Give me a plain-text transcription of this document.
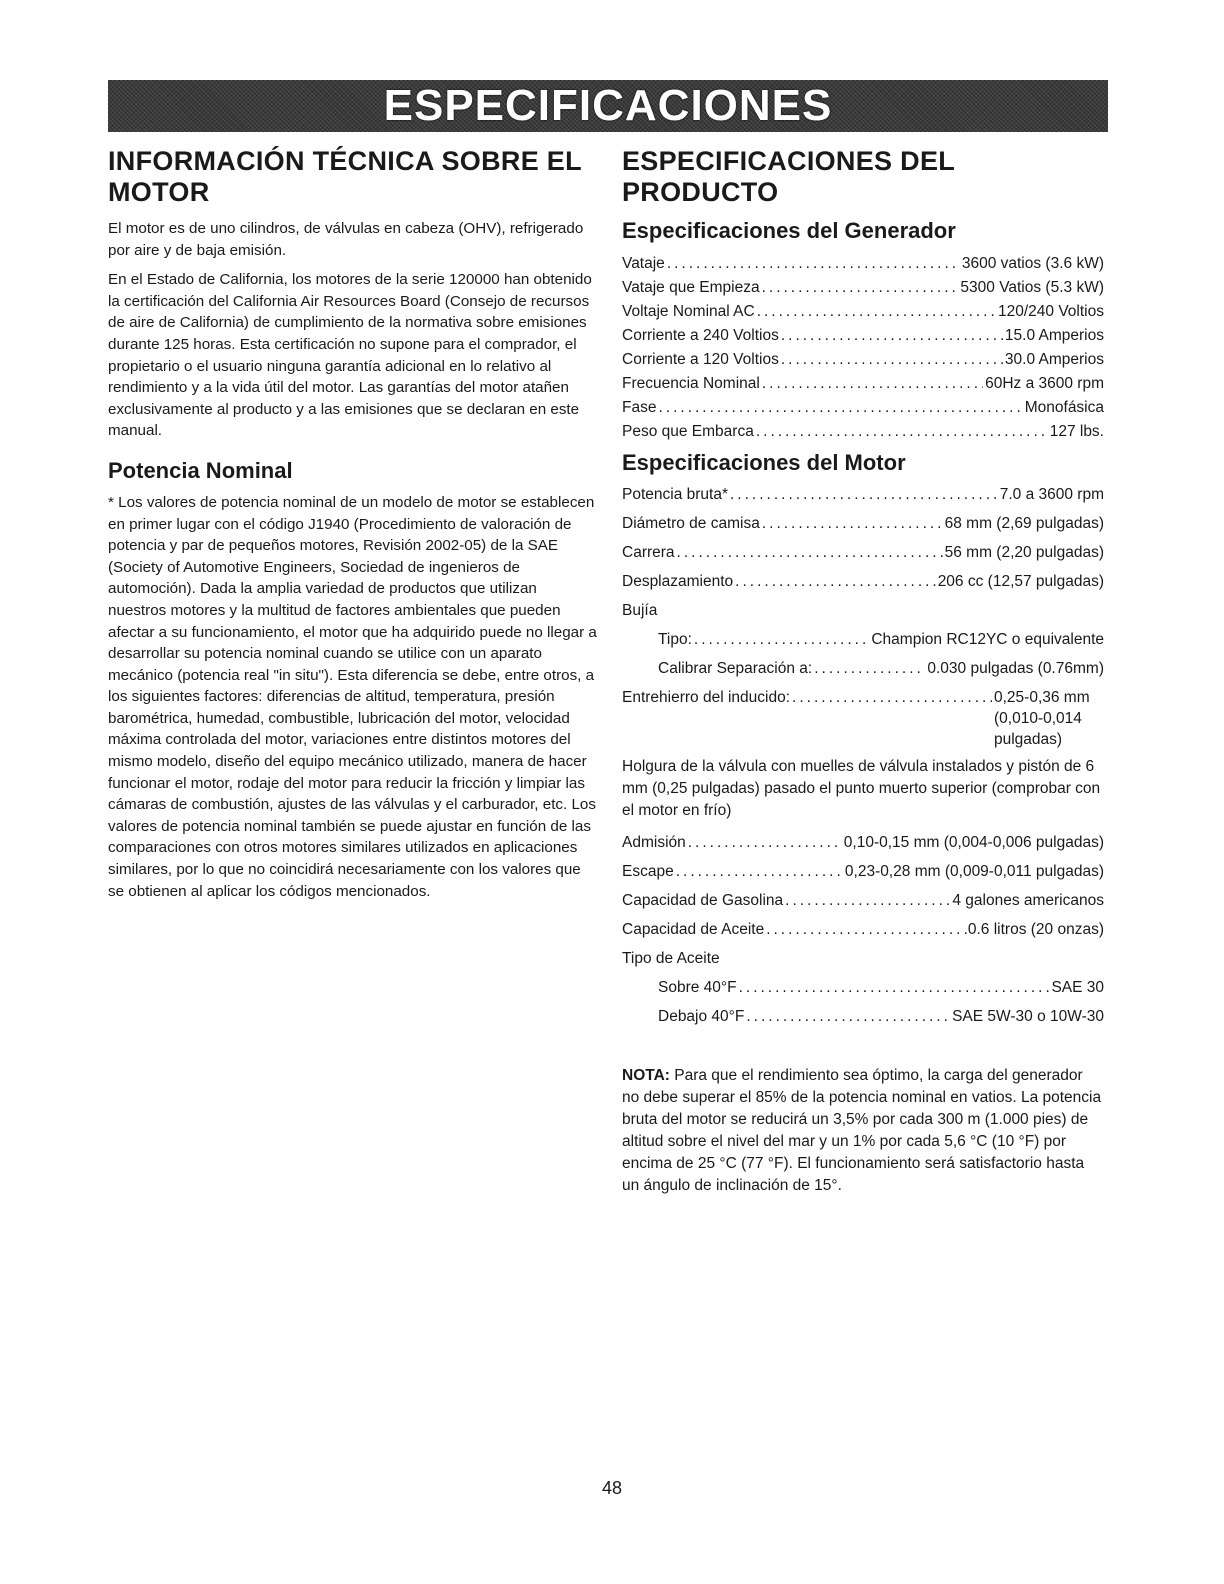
ESPECIFICACIONES
INFORMACIÓN TÉCNICA SOBRE EL MOTOR

El motor es de uno cilindros, de válvulas en cabeza (OHV), refrigerado por aire y de baja emisión.

En el Estado de California, los motores de la serie 120000 han obtenido la certificación del California Air Resources Board (Consejo de recursos de aire de California) de cumplimiento de la normativa sobre emisiones durante 125 horas. Esta certificación no supone para el comprador, el propietario o el usuario ninguna garantía adicional en lo relativo al rendimiento y a la vida útil del motor. Las garantías del motor atañen exclusivamente al producto y a las emisiones que se declaran en este manual.

Potencia Nominal

* Los valores de potencia nominal de un modelo de motor se establecen en primer lugar con el código J1940 (Procedimiento de valoración de potencia y par de pequeños motores, Revisión 2002-05) de la SAE (Society of Automotive Engineers, Sociedad de ingenieros de automoción). Dada la amplia variedad de productos que utilizan nuestros motores y la multitud de factores ambientales que pueden afectar a su funcionamiento, el motor que ha adquirido puede no llegar a desarrollar su potencia nominal cuando se utilice con un aparato mecánico (potencia real "in situ"). Esta diferencia se debe, entre otros, a los siguientes factores: diferencias de altitud, temperatura, presión barométrica, humedad, combustible, lubricación del motor, velocidad máxima controlada del motor, variaciones entre distintos motores del mismo modelo, diseño del equipo mecánico utilizado, manera de hacer funcionar el motor, rodaje del motor para reducir la fricción y limpiar las cámaras de combustión, ajustes de las válvulas y el carburador, etc. Los valores de potencia nominal también se puede ajustar en función de las comparaciones con otros motores similares utilizados en aplicaciones similares, por lo que no coincidirá necesariamente con los valores que se obtienen al aplicar los códigos mencionados.

ESPECIFICACIONES DEL PRODUCTO
Especificaciones del Generador
Vataje .....	3600 vatios (3.6 kW)
Vataje que Empieza .....	5300 Vatios (5.3 kW)
Voltaje Nominal AC .....	120/240 Voltios
Corriente a 240 Voltios .....	15.0 Amperios
Corriente a 120 Voltios .....	30.0 Amperios
Frecuencia Nominal .....	60Hz a 3600 rpm
Fase .....	Monofásica
Peso que Embarca .....	127 lbs.
Especificaciones del Motor
Potencia bruta* .....	7.0 a 3600 rpm
Diámetro de camisa .....	68 mm (2,69 pulgadas)
Carrera .....	56 mm (2,20 pulgadas)
Desplazamiento .....	206 cc (12,57 pulgadas)
Bujía
Tipo: .....	Champion RC12YC o equivalente
Calibrar Separación a: .....	0.030 pulgadas (0.76mm)
Entrehierro del inducido: .....	0,25-0,36 mm (0,010-0,014 pulgadas)

Holgura de la válvula con muelles de válvula instalados y pistón de 6 mm (0,25 pulgadas) pasado el punto muerto superior (comprobar con el motor en frío)

Admisión .....	0,10-0,15 mm (0,004-0,006 pulgadas)
Escape .....	0,23-0,28 mm (0,009-0,011 pulgadas)
Capacidad de Gasolina .....	4 galones americanos
Capacidad de Aceite .....	.0.6 litros (20 onzas)
Tipo de Aceite
Sobre 40°F .....	SAE 30
Debajo 40°F .....	SAE 5W-30 o 10W-30

NOTA: Para que el rendimiento sea óptimo, la carga del generador no debe superar el 85% de la potencia nominal en vatios. La potencia bruta del motor se reducirá un 3,5% por cada 300 m (1.000 pies) de altitud sobre el nivel del mar y un 1% por cada 5,6 °C (10 °F) por encima de 25 °C (77 °F). El funcionamiento será satisfactorio hasta un ángulo de inclinación de 15°.

48
